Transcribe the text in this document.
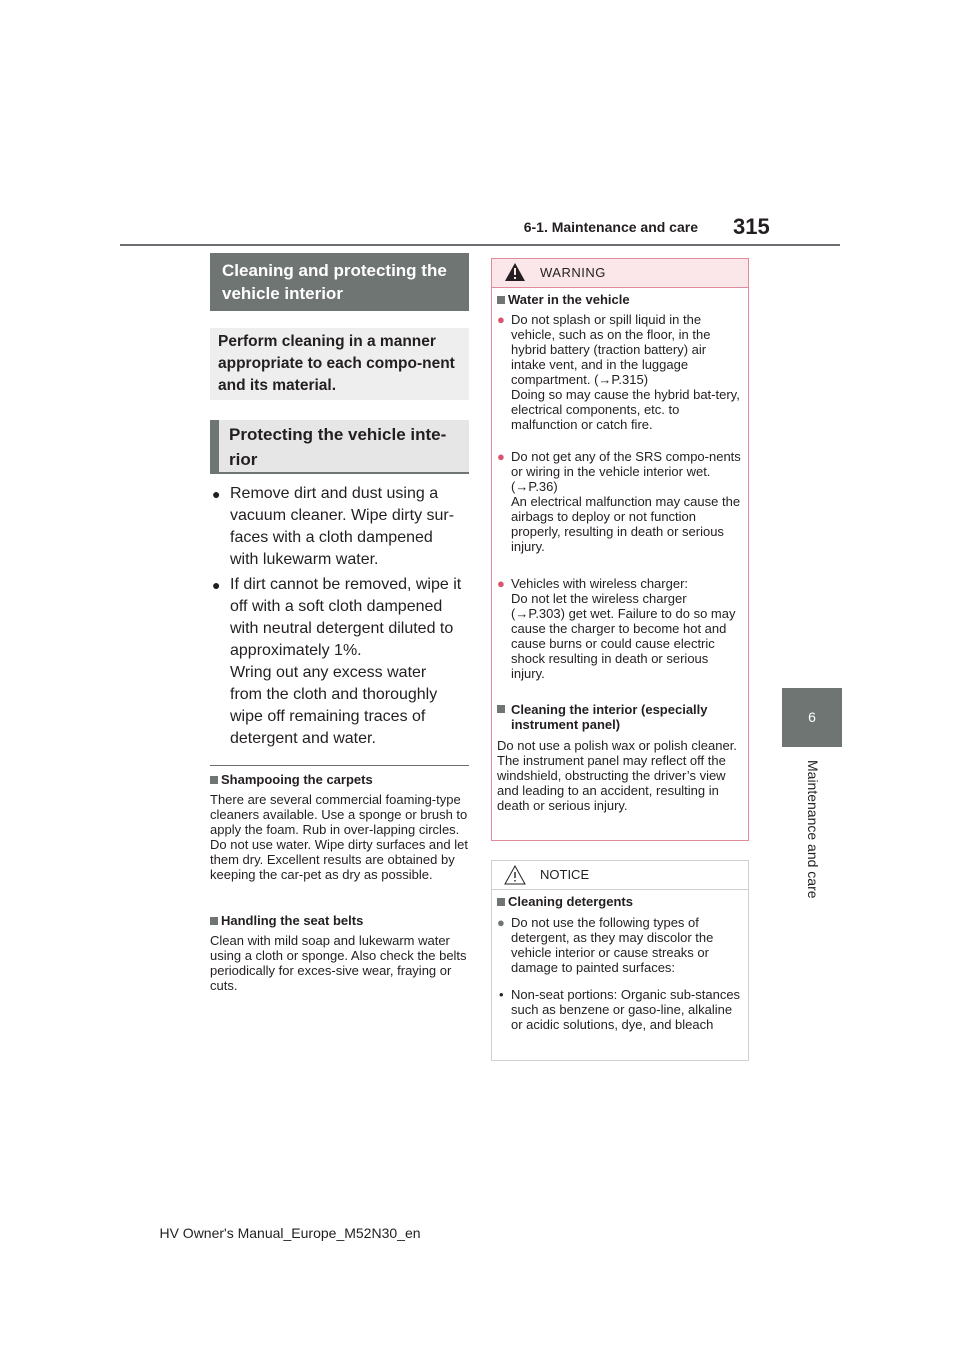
6-1. Maintenance and care 315
6
Maintenance and care
Cleaning and protecting the vehicle interior
Perform cleaning in a manner appropriate to each compo-nent and its material.
Protecting the vehicle inte-rior
● Remove dirt and dust using a vacuum cleaner. Wipe dirty sur-faces with a cloth dampened with lukewarm water.
● If dirt cannot be removed, wipe it off with a soft cloth dampened with neutral detergent diluted to approximately 1%.
Wring out any excess water from the cloth and thoroughly wipe off remaining traces of detergent and water.
Shampooing the carpets
There are several commercial foaming-type cleaners available. Use a sponge or brush to apply the foam. Rub in over-lapping circles. Do not use water. Wipe dirty surfaces and let them dry. Excellent results are obtained by keeping the car-pet as dry as possible.
Handling the seat belts
Clean with mild soap and lukewarm water using a cloth or sponge. Also check the belts periodically for exces-sive wear, fraying or cuts.
WARNING
Water in the vehicle
● Do not splash or spill liquid in the vehicle, such as on the floor, in the hybrid battery (traction battery) air intake vent, and in the luggage compartment. (→P.315)
Doing so may cause the hybrid bat-tery, electrical components, etc. to malfunction or catch fire.
● Do not get any of the SRS compo-nents or wiring in the vehicle interior wet. (→P.36)
An electrical malfunction may cause the airbags to deploy or not function properly, resulting in death or serious injury.
● Vehicles with wireless charger:
Do not let the wireless charger (→P.303) get wet. Failure to do so may cause the charger to become hot and cause burns or could cause electric shock resulting in death or serious injury.
Cleaning the interior (especially instrument panel)
Do not use a polish wax or polish cleaner. The instrument panel may reflect off the windshield, obstructing the driver’s view and leading to an accident, resulting in death or serious injury.
NOTICE
Cleaning detergents
● Do not use the following types of detergent, as they may discolor the vehicle interior or cause streaks or damage to painted surfaces:
• Non-seat portions: Organic sub-stances such as benzene or gaso-line, alkaline or acidic solutions, dye, and bleach
HV Owner's Manual_Europe_M52N30_en
